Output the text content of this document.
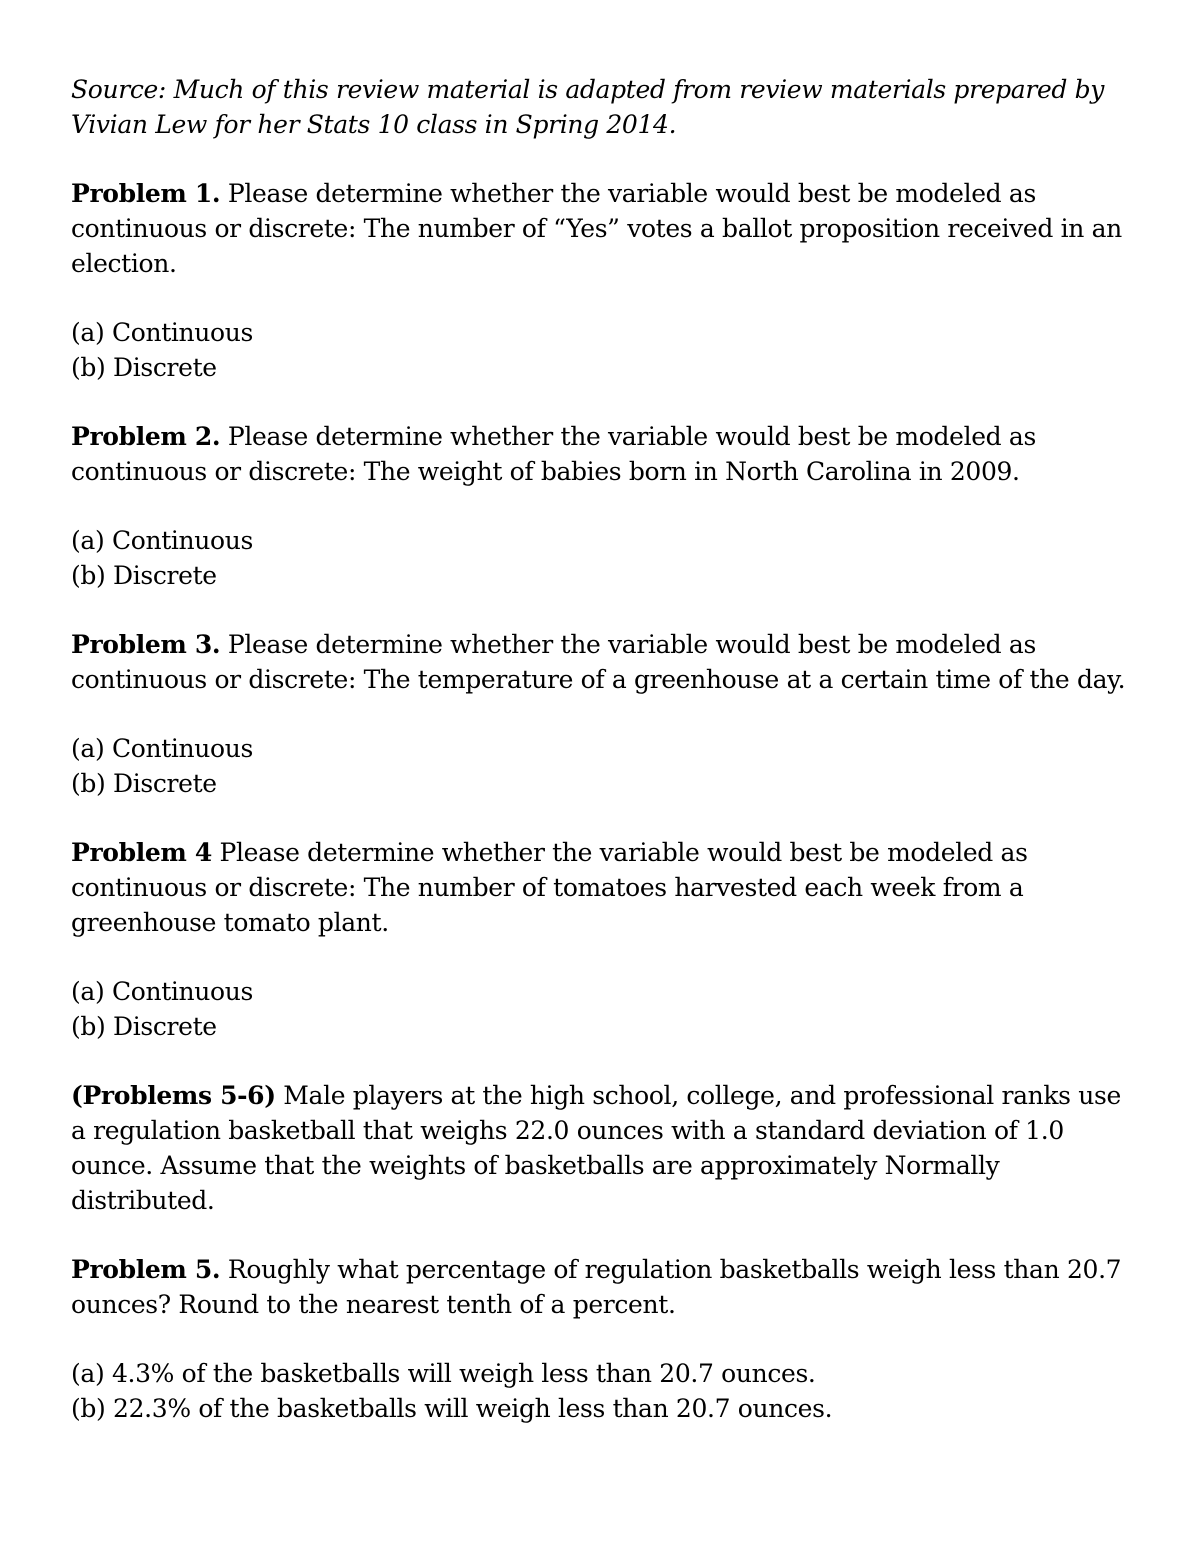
Source: Much of this review material is adapted from review materials prepared by Vivian Lew for her Stats 10 class in Spring 2014.

Problem 1. Please determine whether the variable would best be modeled as continuous or discrete: The number of “Yes” votes a ballot proposition received in an election.

(a) Continuous
(b) Discrete

Problem 2. Please determine whether the variable would best be modeled as continuous or discrete: The weight of babies born in North Carolina in 2009.

(a) Continuous
(b) Discrete

Problem 3. Please determine whether the variable would best be modeled as continuous or discrete: The temperature of a greenhouse at a certain time of the day.

(a) Continuous
(b) Discrete

Problem 4 Please determine whether the variable would best be modeled as continuous or discrete: The number of tomatoes harvested each week from a greenhouse tomato plant.

(a) Continuous
(b) Discrete

(Problems 5-6) Male players at the high school, college, and professional ranks use a regulation basketball that weighs 22.0 ounces with a standard deviation of 1.0 ounce. Assume that the weights of basketballs are approximately Normally distributed.

Problem 5. Roughly what percentage of regulation basketballs weigh less than 20.7 ounces? Round to the nearest tenth of a percent.

(a) 4.3% of the basketballs will weigh less than 20.7 ounces.
(b) 22.3% of the basketballs will weigh less than 20.7 ounces.
